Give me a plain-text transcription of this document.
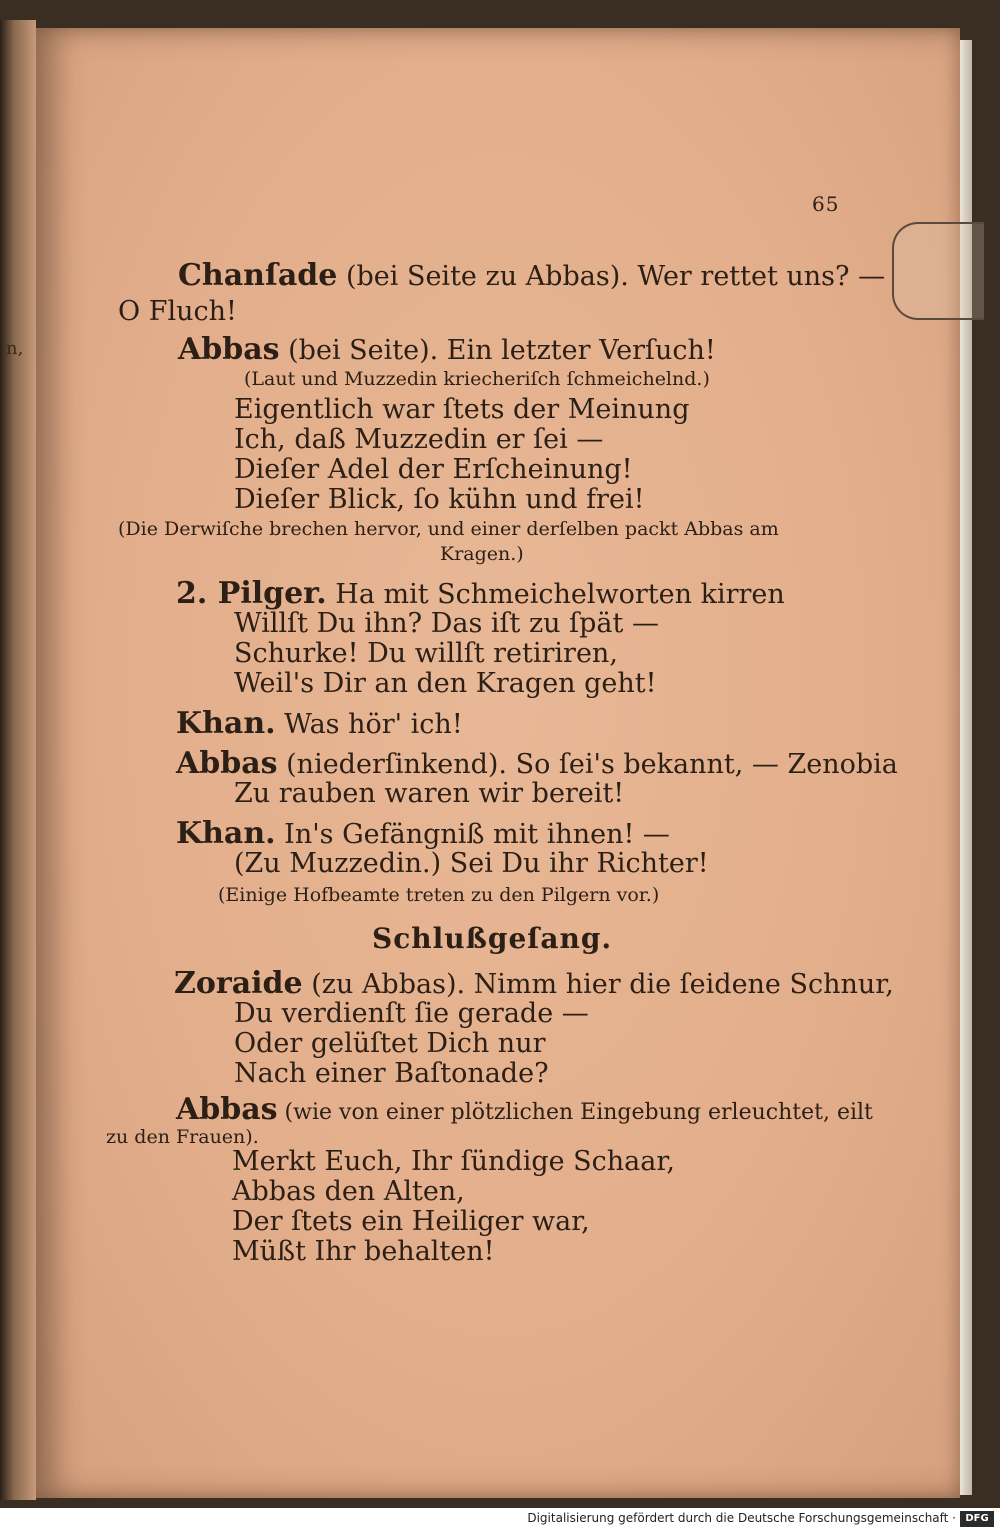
n,
65
Chanſade (bei Seite zu Abbas). Wer rettet uns? —
O Fluch!
Abbas (bei Seite). Ein letzter Verſuch!
(Laut und Muzzedin kriecheriſch ſchmeichelnd.)
Eigentlich war ſtets der Meinung
Ich, daß Muzzedin er ſei —
Dieſer Adel der Erſcheinung!
Dieſer Blick, ſo kühn und frei!
(Die Derwiſche brechen hervor, und einer derſelben packt Abbas am
Kragen.)
2. Pilger. Ha mit Schmeichelworten kirren
Willſt Du ihn? Das iſt zu ſpät —
Schurke! Du willſt retiriren,
Weil's Dir an den Kragen geht!
Khan. Was hör' ich!
Abbas (niederſinkend). So ſei's bekannt, — Zenobia
Zu rauben waren wir bereit!
Khan. In's Gefängniß mit ihnen! —
(Zu Muzzedin.) Sei Du ihr Richter!
(Einige Hofbeamte treten zu den Pilgern vor.)
Schlußgeſang.
Zoraide (zu Abbas). Nimm hier die ſeidene Schnur,
Du verdienſt ſie gerade —
Oder gelüſtet Dich nur
Nach einer Baſtonade?
Abbas (wie von einer plötzlichen Eingebung erleuchtet, eilt
zu den Frauen).
Merkt Euch, Ihr ſündige Schaar,
Abbas den Alten,
Der ſtets ein Heiliger war,
Müßt Ihr behalten!
Digitalisierung gefördert durch die Deutsche Forschungsgemeinschaft · DFG
